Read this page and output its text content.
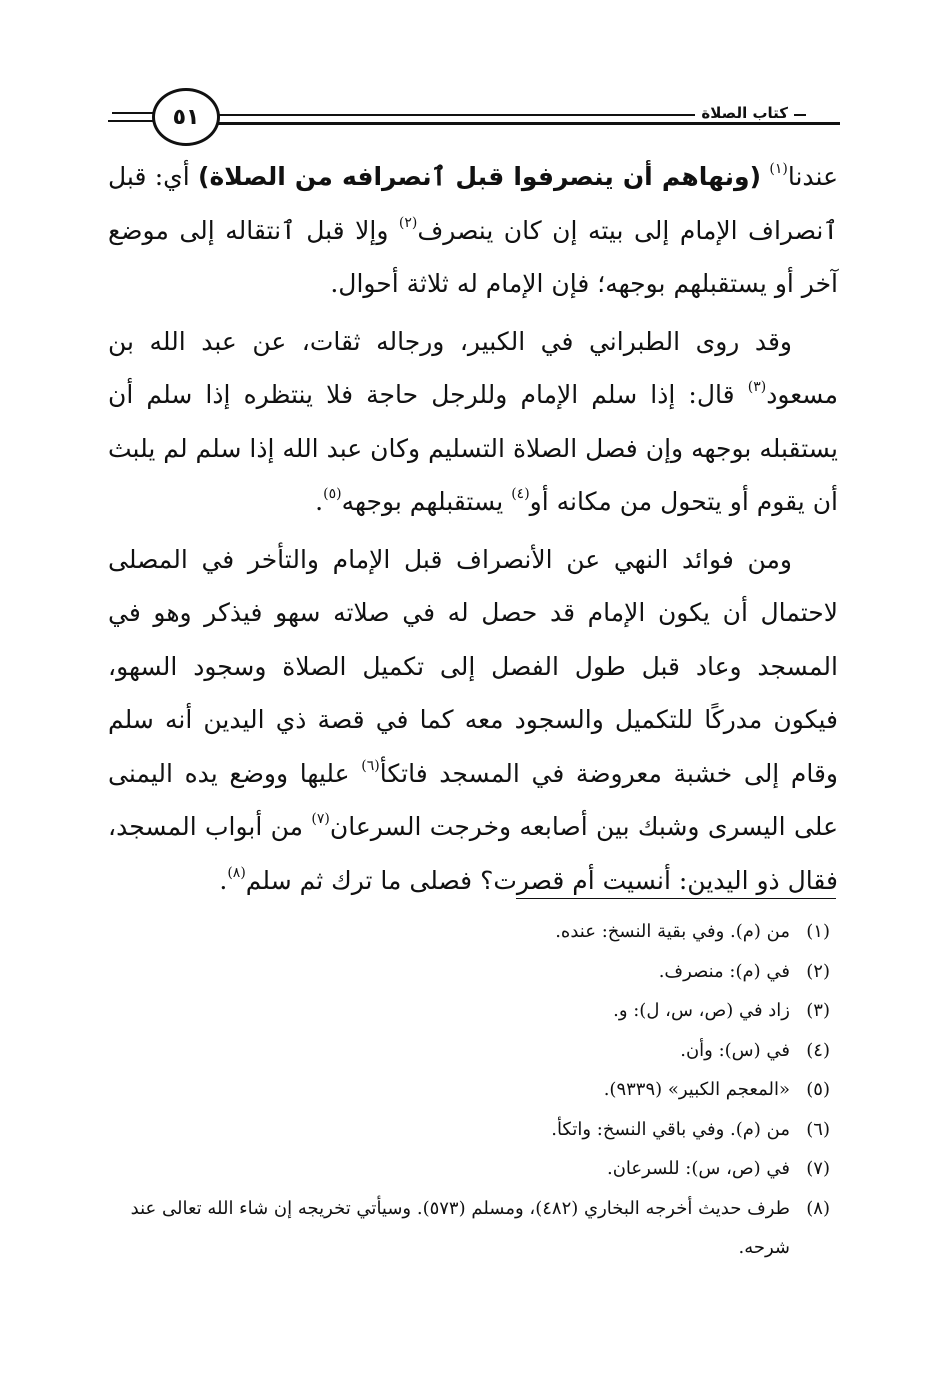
٥١	كتاب الصلاة

عندنا$^{(١)}$ (ونهاهم أن ينصرفوا قبل ٱنصرافه من الصلاة) أي: قبل ٱنصراف الإمام إلى بيته إن كان ينصرف$^{(٢)}$ وإلا قبل ٱنتقاله إلى موضع آخر أو يستقبلهم بوجهه؛ فإن الإمام له ثلاثة أحوال.

وقد روى الطبراني في الكبير، ورجاله ثقات، عن عبد الله بن مسعود$^{(٣)}$ قال: إذا سلم الإمام وللرجل حاجة فلا ينتظره إذا سلم أن يستقبله بوجهه وإن فصل الصلاة التسليم وكان عبد الله إذا سلم لم يلبث أن يقوم أو يتحول من مكانه أو$^{(٤)}$ يستقبلهم بوجهه$^{(٥)}$.

ومن فوائد النهي عن الأنصراف قبل الإمام والتأخر في المصلى لاحتمال أن يكون الإمام قد حصل له في صلاته سهو فيذكر وهو في المسجد وعاد قبل طول الفصل إلى تكميل الصلاة وسجود السهو، فيكون مدركًا للتكميل والسجود معه كما في قصة ذي اليدين أنه سلم وقام إلى خشبة معروضة في المسجد فاتكأ$^{(٦)}$ عليها ووضع يده اليمنى على اليسرى وشبك بين أصابعه وخرجت السرعان$^{(٧)}$ من أبواب المسجد، فقال ذو اليدين: أنسيت أم قصرت؟ فصلى ما ترك ثم سلم$^{(٨)}$.

(١)
من (م). وفي بقية النسخ: عنده.
(٢)
في (م): منصرف.
(٣)
زاد في (ص، س، ل): و.
(٤)
في (س): وأن.
(٥)
«المعجم الكبير» (٩٣٣٩).
(٦)
من (م). وفي باقي النسخ: واتكأ.
(٧)
في (ص، س): للسرعان.
(٨)
طرف حديث أخرجه البخاري (٤٨٢)، ومسلم (٥٧٣). وسيأتي تخريجه إن شاء الله تعالى عند شرحه.
